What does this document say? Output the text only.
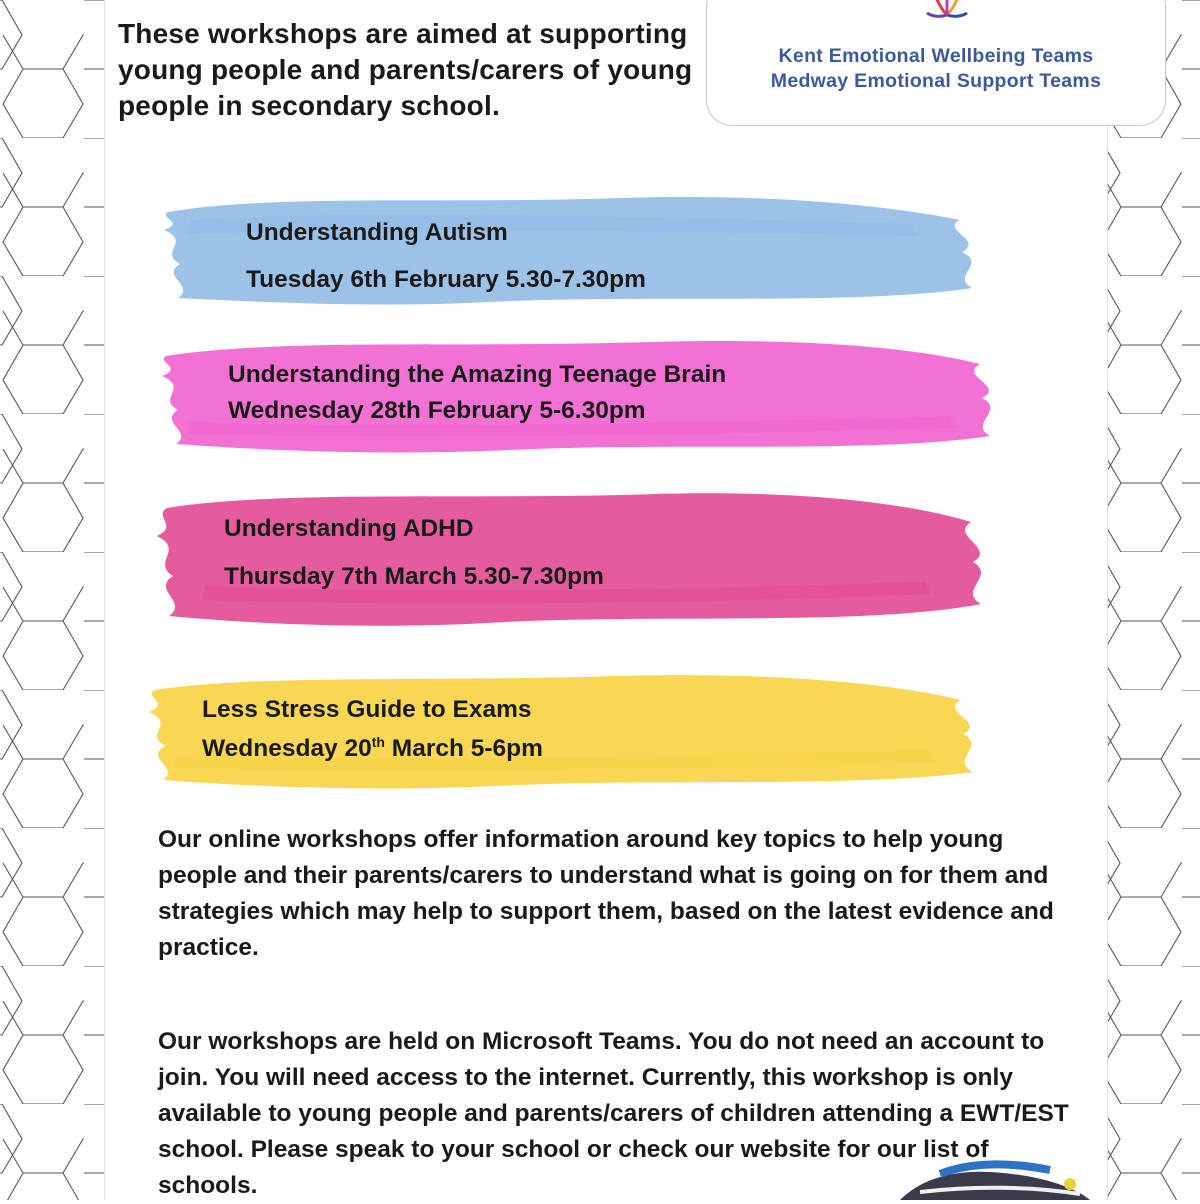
These workshops are aimed at supporting young people and parents/carers of young people in secondary school.
Kent Emotional Wellbeing Teams
Medway Emotional Support Teams
Understanding Autism
Tuesday 6th February 5.30-7.30pm
Understanding the Amazing Teenage Brain
Wednesday 28th February 5-6.30pm
Understanding ADHD
Thursday 7th March 5.30-7.30pm
Less Stress Guide to Exams
Wednesday 20th March 5-6pm
Our online workshops offer information around key topics to help young people and their parents/carers to understand what is going on for them and strategies which may help to support them, based on the latest evidence and practice.
Our workshops are held on Microsoft Teams. You do not need an account to join. You will need access to the internet. Currently, this workshop is only available to young people and parents/carers of children attending a EWT/EST school. Please speak to your school or check our website for our list of schools.
